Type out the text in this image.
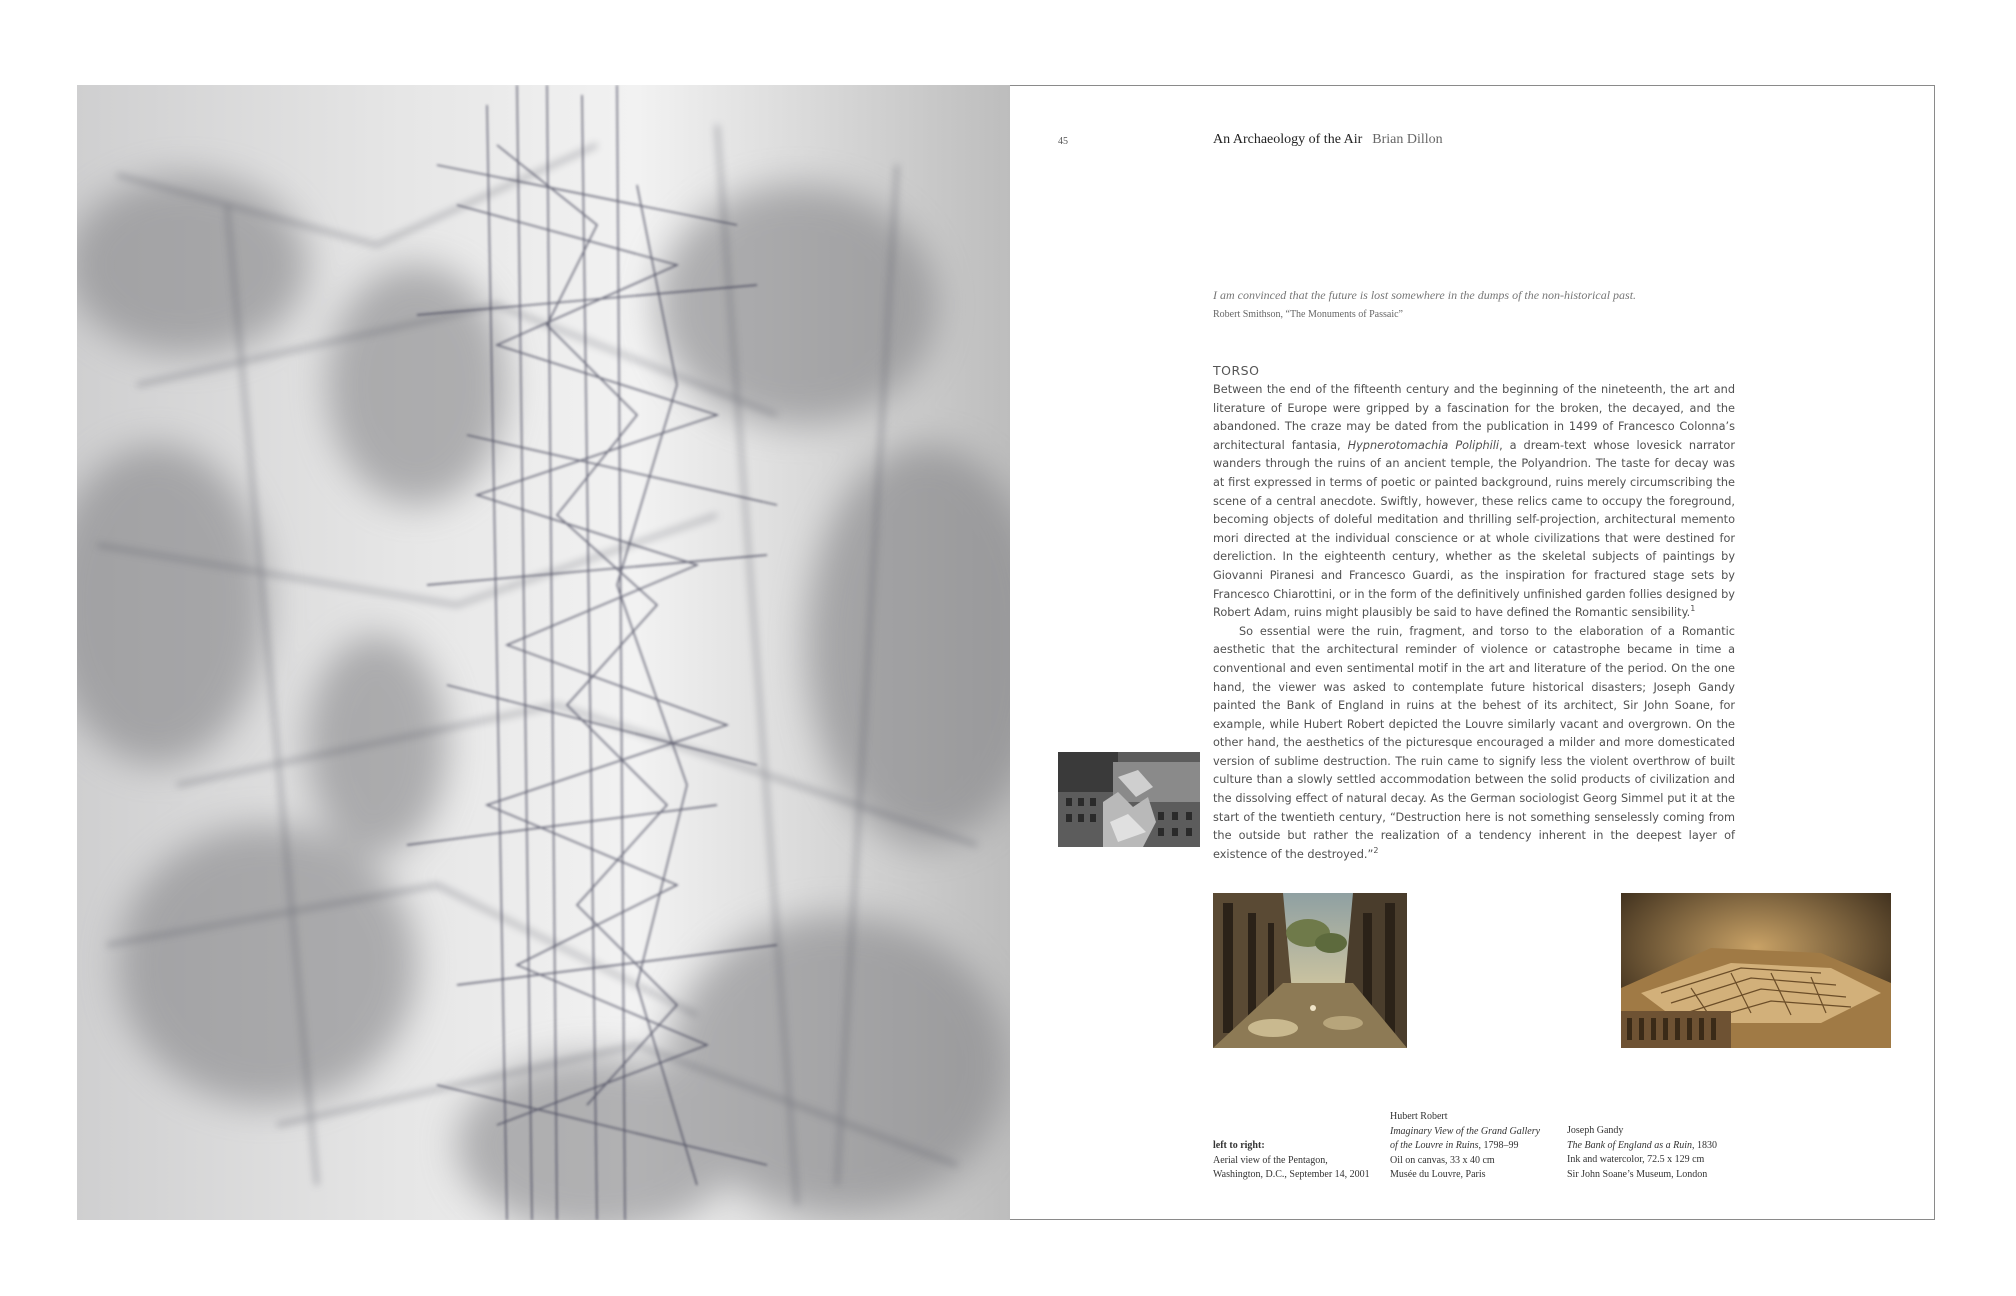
45	An Archaeology of the Air Brian Dillon
I am convinced that the future is lost somewhere in the dumps of the non-historical past.
Robert Smithson, “The Monuments of Passaic”
TORSO

Between the end of the fifteenth century and the beginning of the nineteenth, the art and literature of Europe were gripped by a fascination for the broken, the decayed, and the abandoned. The craze may be dated from the publication in 1499 of Francesco Colonna’s architectural fantasia, Hypnerotomachia Poliphili, a dream-text whose lovesick narrator wanders through the ruins of an ancient temple, the Polyandrion. The taste for decay was at first expressed in terms of poetic or painted background, ruins merely circumscribing the scene of a central anecdote. Swiftly, however, these relics came to occupy the foreground, becoming objects of doleful meditation and thrilling self-projection, architectural memento mori directed at the individual conscience or at whole civilizations that were destined for dereliction. In the eighteenth century, whether as the skeletal subjects of paintings by Giovanni Piranesi and Francesco Guardi, as the inspiration for fractured stage sets by Francesco Chiarottini, or in the form of the definitively unfinished garden follies designed by Robert Adam, ruins might plausibly be said to have defined the Romantic sensibility.$^1$

So essential were the ruin, fragment, and torso to the elaboration of a Romantic aesthetic that the architectural reminder of violence or catastrophe became in time a conventional and even sentimental motif in the art and literature of the period. On the one hand, the viewer was asked to contemplate future historical disasters; Joseph Gandy painted the Bank of England in ruins at the behest of its architect, Sir John Soane, for example, while Hubert Robert depicted the Louvre similarly vacant and overgrown. On the other hand, the aesthetics of the picturesque encouraged a milder and more domesticated version of sublime destruction. The ruin came to signify less the violent overthrow of built culture than a slowly settled accommodation between the solid products of civilization and the dissolving effect of natural decay. As the German sociologist Georg Simmel put it at the start of the twentieth century, “Destruction here is not something senselessly coming from the outside but rather the realization of a tendency inherent in the deepest layer of existence of the destroyed.”$^2$

left to right:
Aerial view of the Pentagon,
Washington, D.C., September 14, 2001
Hubert Robert
Imaginary View of the Grand Gallery
of the Louvre in Ruins, 1798–99
Oil on canvas, 33 x 40 cm
Musée du Louvre, Paris
Joseph Gandy
The Bank of England as a Ruin, 1830
Ink and watercolor, 72.5 x 129 cm
Sir John Soane’s Museum, London
